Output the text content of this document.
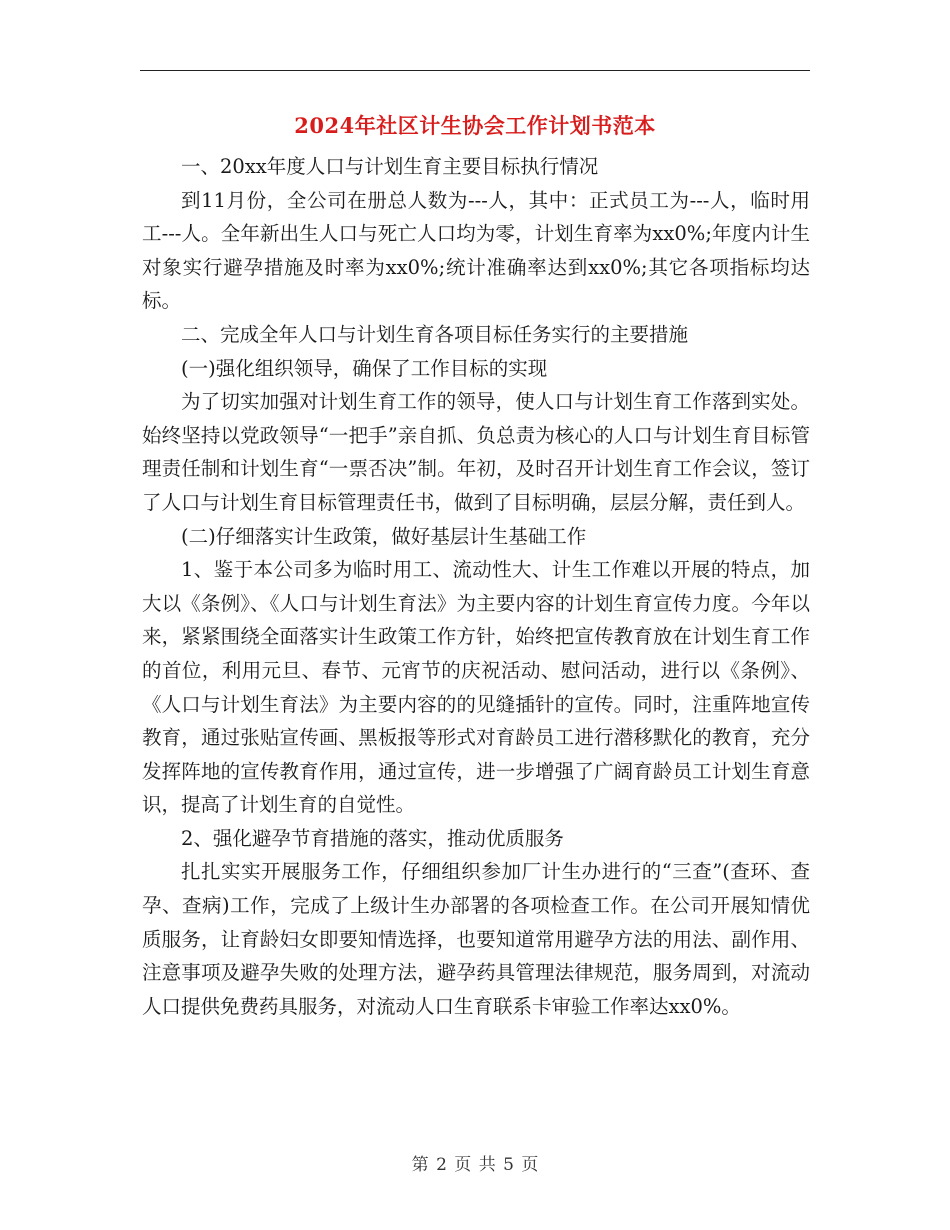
2024年社区计生协会工作计划书范本

一、20xx年度人口与计划生育主要目标执行情况

到11月份，全公司在册总人数为---人，其中：正式员工为---人，临时用工---人。全年新出生人口与死亡人口均为零，计划生育率为xx0%;年度内计生对象实行避孕措施及时率为xx0%;统计准确率达到xx0%;其它各项指标均达标。

二、完成全年人口与计划生育各项目标任务实行的主要措施

(一)强化组织领导，确保了工作目标的实现

为了切实加强对计划生育工作的领导，使人口与计划生育工作落到实处。始终坚持以党政领导“一把手”亲自抓、负总责为核心的人口与计划生育目标管理责任制和计划生育“一票否决”制。年初，及时召开计划生育工作会议，签订了人口与计划生育目标管理责任书，做到了目标明确，层层分解，责任到人。

(二)仔细落实计生政策，做好基层计生基础工作

1、鉴于本公司多为临时用工、流动性大、计生工作难以开展的特点，加大以《条例》、《人口与计划生育法》为主要内容的计划生育宣传力度。今年以来，紧紧围绕全面落实计生政策工作方针，始终把宣传教育放在计划生育工作的首位，利用元旦、春节、元宵节的庆祝活动、慰问活动，进行以《条例》、《人口与计划生育法》为主要内容的的见缝插针的宣传。同时，注重阵地宣传教育，通过张贴宣传画、黑板报等形式对育龄员工进行潜移默化的教育，充分发挥阵地的宣传教育作用，通过宣传，进一步增强了广阔育龄员工计划生育意识，提高了计划生育的自觉性。

2、强化避孕节育措施的落实，推动优质服务

扎扎实实开展服务工作，仔细组织参加厂计生办进行的“三查”(查环、查孕、查病)工作，完成了上级计生办部署的各项检查工作。在公司开展知情优质服务，让育龄妇女即要知情选择，也要知道常用避孕方法的用法、副作用、注意事项及避孕失败的处理方法，避孕药具管理法律规范，服务周到，对流动人口提供免费药具服务，对流动人口生育联系卡审验工作率达xx0%。

第 2 页 共 5 页
